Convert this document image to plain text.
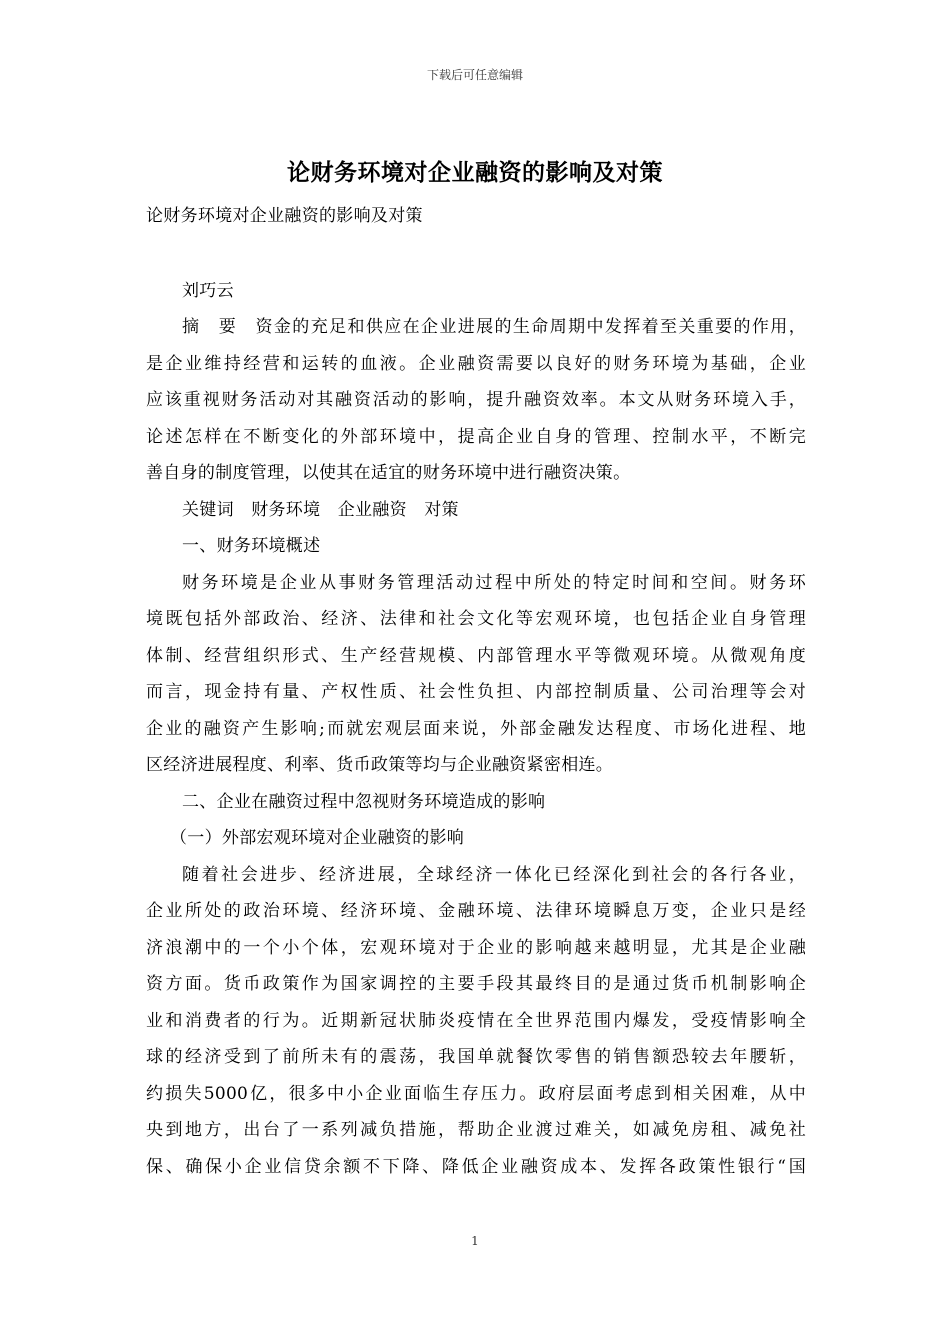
下载后可任意编辑
论财务环境对企业融资的影响及对策
论财务环境对企业融资的影响及对策
刘巧云
摘　要　资金的充足和供应在企业进展的生命周期中发挥着至关重要的作用，
是企业维持经营和运转的血液。企业融资需要以良好的财务环境为基础，企业
应该重视财务活动对其融资活动的影响，提升融资效率。本文从财务环境入手，
论述怎样在不断变化的外部环境中，提高企业自身的管理、控制水平，不断完
善自身的制度管理，以使其在适宜的财务环境中进行融资决策。
关键词　财务环境　企业融资　对策
一、财务环境概述
财务环境是企业从事财务管理活动过程中所处的特定时间和空间。财务环
境既包括外部政治、经济、法律和社会文化等宏观环境，也包括企业自身管理
体制、经营组织形式、生产经营规模、内部管理水平等微观环境。从微观角度
而言，现金持有量、产权性质、社会性负担、内部控制质量、公司治理等会对
企业的融资产生影响;而就宏观层面来说，外部金融发达程度、市场化进程、地
区经济进展程度、利率、货币政策等均与企业融资紧密相连。
二、企业在融资过程中忽视财务环境造成的影响
（一）外部宏观环境对企业融资的影响
随着社会进步、经济进展，全球经济一体化已经深化到社会的各行各业，
企业所处的政治环境、经济环境、金融环境、法律环境瞬息万变，企业只是经
济浪潮中的一个小个体，宏观环境对于企业的影响越来越明显，尤其是企业融
资方面。货币政策作为国家调控的主要手段其最终目的是通过货币机制影响企
业和消费者的行为。近期新冠状肺炎疫情在全世界范围内爆发，受疫情影响全
球的经济受到了前所未有的震荡，我国单就餐饮零售的销售额恐较去年腰斩，
约损失5000亿，很多中小企业面临生存压力。政府层面考虑到相关困难，从中
央到地方，出台了一系列减负措施，帮助企业渡过难关，如减免房租、减免社
保、确保小企业信贷余额不下降、降低企业融资成本、发挥各政策性银行“国
1
